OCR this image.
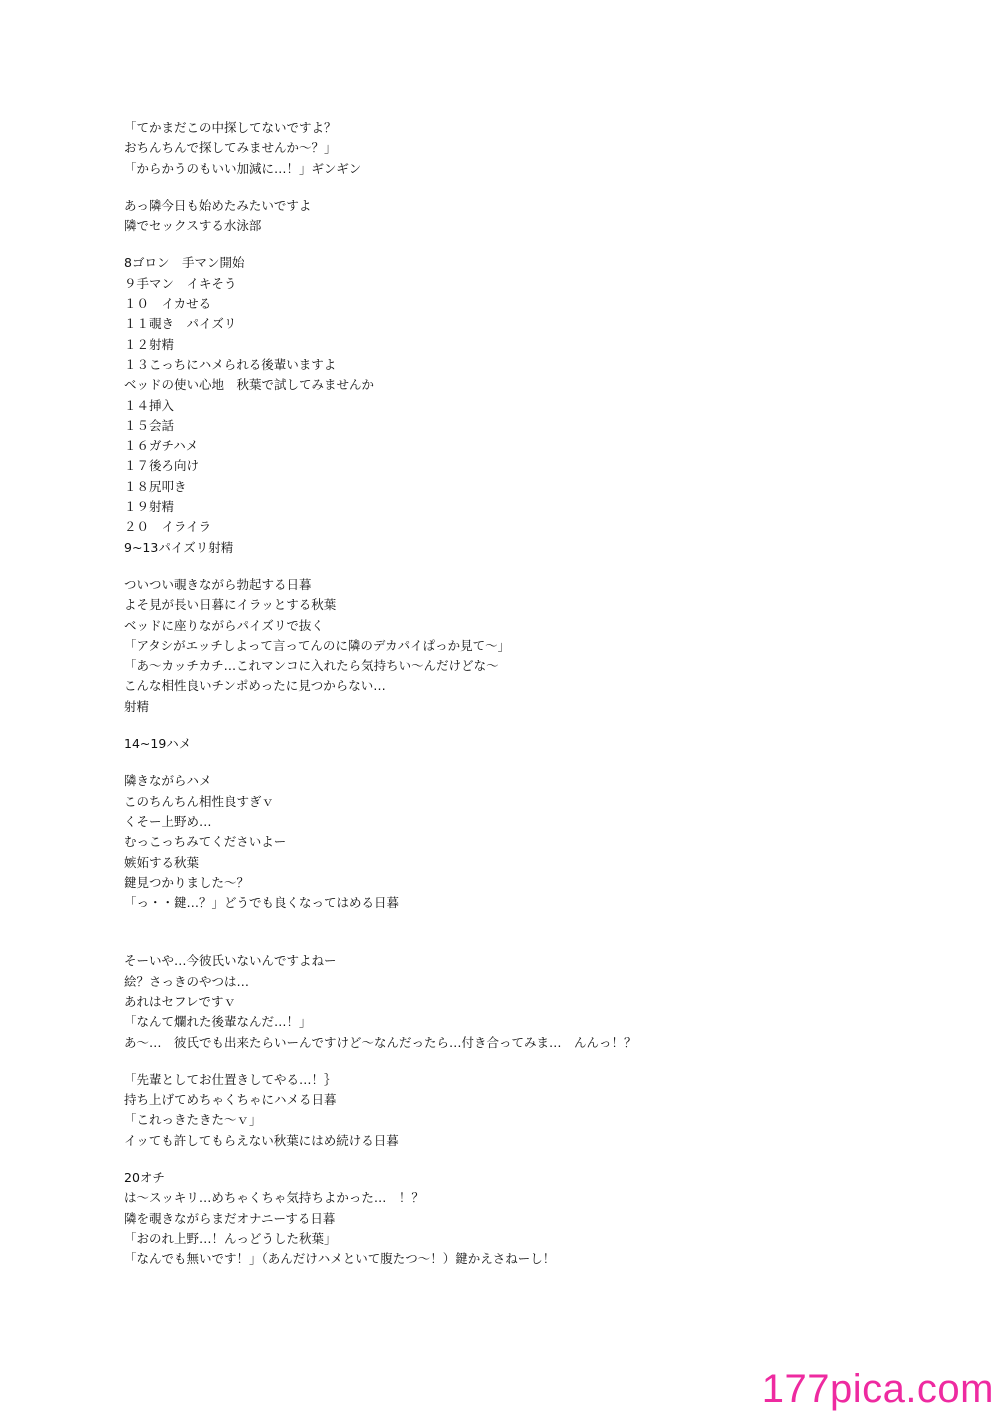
「てかまだこの中探してないですよ？
おちんちんで探してみませんか〜？」
「からかうのもいい加減に…！」ギンギン
あっ隣今日も始めたみたいですよ
隣でセックスする水泳部
8ゴロン　手マン開始
９手マン　イキそう
１０　イカせる
１１覗き　パイズリ
１２射精
１３こっちにハメられる後輩いますよ
ベッドの使い心地　秋葉で試してみませんか
１４挿入
１５会話
１６ガチハメ
１７後ろ向け
１８尻叩き
１９射精
２０　イライラ
9~13パイズリ射精
ついつい覗きながら勃起する日暮
よそ見が長い日暮にイラッとする秋葉
ベッドに座りながらパイズリで抜く
「アタシがエッチしよって言ってんのに隣のデカパイぱっか見て〜」
「あ〜カッチカチ…これマンコに入れたら気持ちい〜んだけどな〜
こんな相性良いチンポめったに見つからない…
射精
14~19ハメ
隣きながらハメ
このちんちん相性良すぎｖ
くそー上野め…
むっこっちみてくださいよー
嫉妬する秋葉
鍵見つかりました〜？
「っ・・鍵…？」どうでも良くなってはめる日暮
そーいや…今彼氏いないんですよねー
絵？さっきのやつは…
あれはセフレですｖ
「なんて爛れた後輩なんだ…！」
あ〜…　彼氏でも出来たらいーんですけど〜なんだったら…付き合ってみま…　んんっ！？
「先輩としてお仕置きしてやる…！｝
持ち上げてめちゃくちゃにハメる日暮
「これっきたきた〜ｖ」
イッても許してもらえない秋葉にはめ続ける日暮
20オチ
は〜スッキリ…めちゃくちゃ気持ちよかった…　！？
隣を覗きながらまだオナニーする日暮
「おのれ上野…！んっどうした秋葉」
「なんでも無いです！」（あんだけハメといて腹たつ〜！）鍵かえさねーし！
177pica.com
